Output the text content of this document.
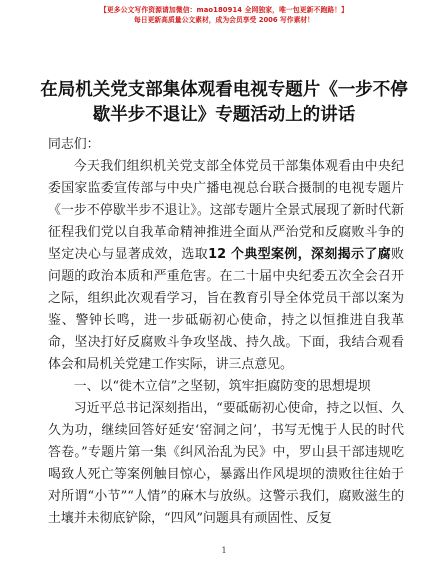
【更多公文写作资源请加微信：mao180914 全网独家，唯一包更新不跑路！】
每日更新高质量公文素材，成为会员享受 2006 写作素材！
在局机关党支部集体观看电视专题片《一步不停歇半步不退让》专题活动上的讲话

同志们：

今天我们组织机关党支部全体党员干部集体观看由中央纪委国家监委宣传部与中央广播电视总台联合摄制的电视专题片《一步不停歇半步不退让》。这部专题片全景式展现了新时代新征程我们党以自我革命精神推进全面从严治党和反腐败斗争的坚定决心与显著成效，选取12 个典型案例，深刻揭示了腐败问题的政治本质和严重危害。在二十届中央纪委五次全会召开之际，组织此次观看学习，旨在教育引导全体党员干部以案为鉴、警钟长鸣，进一步砥砺初心使命，持之以恒推进自我革命，坚决打好反腐败斗争攻坚战、持久战。下面，我结合观看体会和局机关党建工作实际，讲三点意见。

一、以“徙木立信”之坚韧，筑牢拒腐防变的思想堤坝

习近平总书记深刻指出，“要砥砺初心使命，持之以恒、久久为功，继续回答好延安‘窑洞之问’，书写无愧于人民的时代答卷。”专题片第一集《纠风治乱为民》中，罗山县干部违规吃喝致人死亡等案例触目惊心，暴露出作风堤坝的溃败往往始于对所谓“小节”“人情”的麻木与放纵。这警示我们，腐败滋生的土壤并未彻底铲除，“四风”问题具有顽固性、反复

1
